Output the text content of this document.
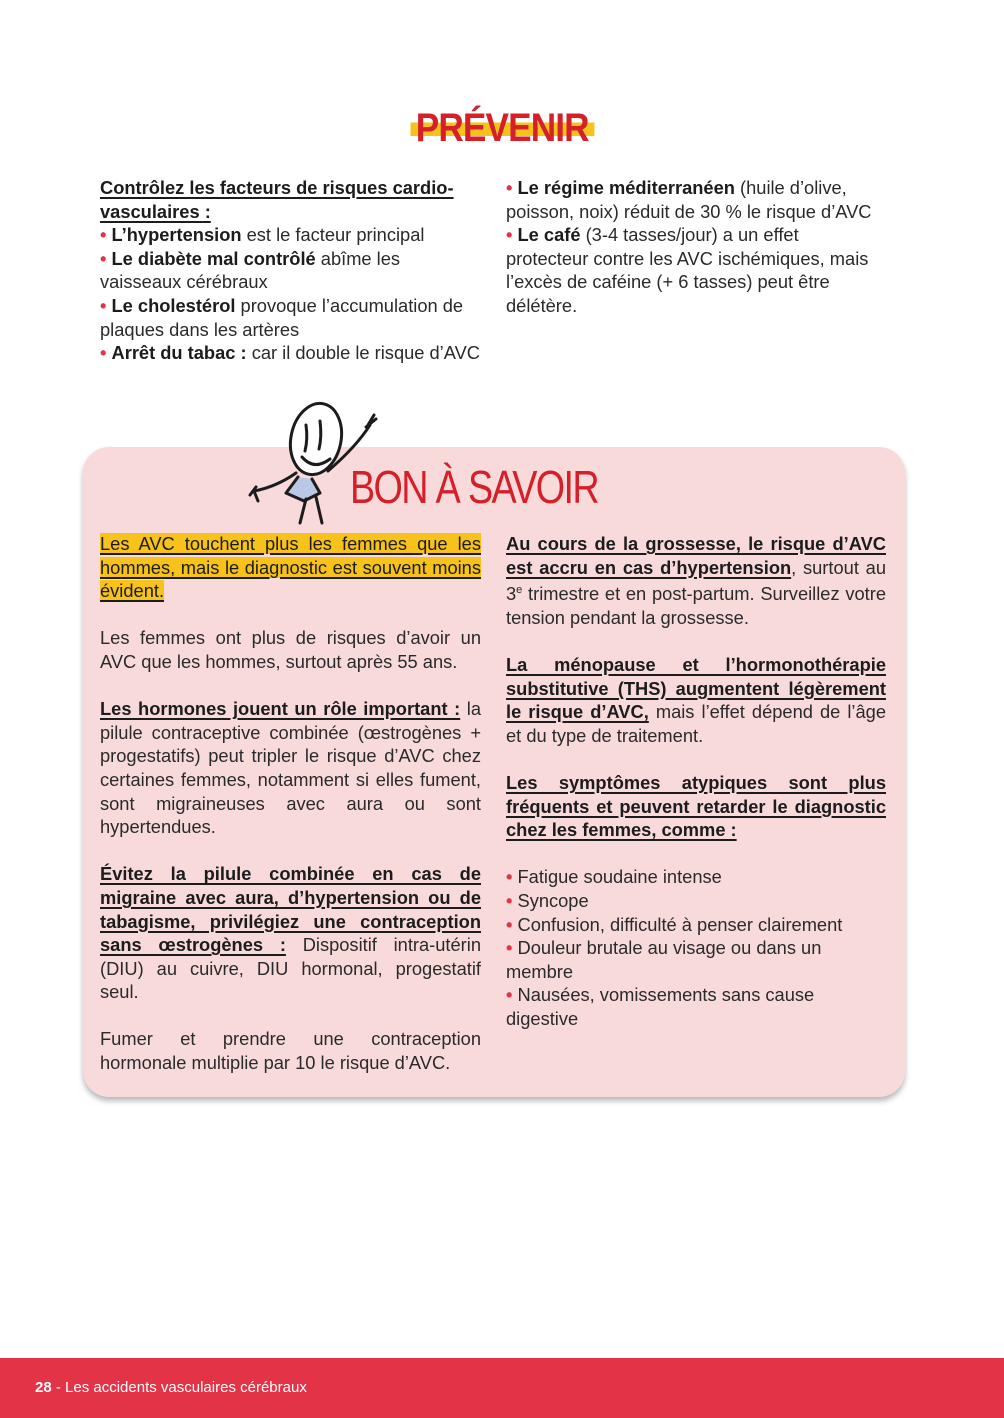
PRÉVENIR
Contrôlez les facteurs de risques cardio-vasculaires :
• L’hypertension est le facteur principal
• Le diabète mal contrôlé abîme les vaisseaux cérébraux
• Le cholestérol provoque l’accumulation de plaques dans les artères
• Arrêt du tabac : car il double le risque d’AVC
• Le régime méditerranéen (huile d’olive, poisson, noix) réduit de 30 % le risque d’AVC
• Le café (3-4 tasses/jour) a un effet protecteur contre les AVC ischémiques, mais l’excès de caféine (+ 6 tasses) peut être délétère.
BON À SAVOIR
Les AVC touchent plus les femmes que les hommes, mais le diagnostic est souvent moins évident.
Les femmes ont plus de risques d’avoir un AVC que les hommes, surtout après 55 ans.
Les hormones jouent un rôle important : la pilule contraceptive combinée (œstrogènes + progestatifs) peut tripler le risque d’AVC chez certaines femmes, notamment si elles fument, sont migraineuses avec aura ou sont hypertendues.
Évitez la pilule combinée en cas de migraine avec aura, d’hypertension ou de tabagisme, privilégiez une contraception sans œstrogènes : Dispositif intra-utérin (DIU) au cuivre, DIU hormonal, progestatif seul.
Fumer et prendre une contraception hormonale multiplie par 10 le risque d’AVC.
Au cours de la grossesse, le risque d’AVC est accru en cas d’hypertension, surtout au 3e trimestre et en post-partum. Surveillez votre tension pendant la grossesse.
La ménopause et l’hormonothérapie substitutive (THS) augmentent légèrement le risque d’AVC, mais l’effet dépend de l’âge et du type de traitement.
Les symptômes atypiques sont plus fréquents et peuvent retarder le diagnostic chez les femmes, comme :
• Fatigue soudaine intense
• Syncope
• Confusion, difficulté à penser clairement
• Douleur brutale au visage ou dans un membre
• Nausées, vomissements sans cause digestive
28 - Les accidents vasculaires cérébraux
